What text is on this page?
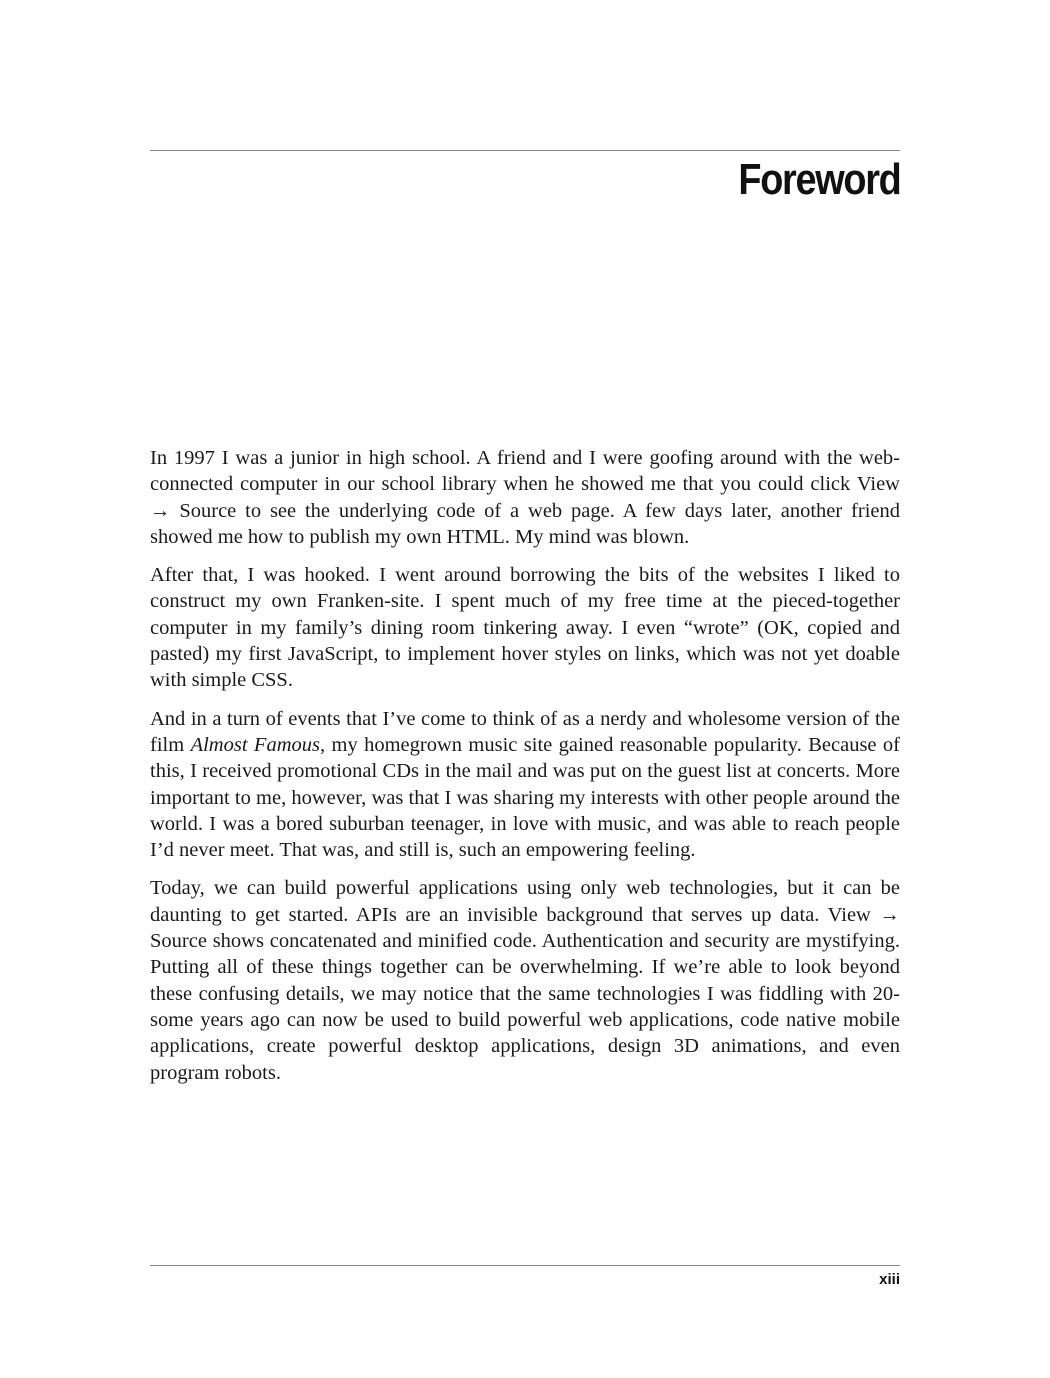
Foreword

In 1997 I was a junior in high school. A friend and I were goofing around with the web-connected computer in our school library when he showed me that you could click View → Source to see the underlying code of a web page. A few days later, another friend showed me how to publish my own HTML. My mind was blown.

After that, I was hooked. I went around borrowing the bits of the websites I liked to construct my own Franken-site. I spent much of my free time at the pieced-together computer in my family’s dining room tinkering away. I even “wrote” (OK, copied and pasted) my first JavaScript, to implement hover styles on links, which was not yet doable with simple CSS.

And in a turn of events that I’ve come to think of as a nerdy and wholesome version of the film Almost Famous, my homegrown music site gained reasonable popularity. Because of this, I received promotional CDs in the mail and was put on the guest list at concerts. More important to me, however, was that I was sharing my interests with other people around the world. I was a bored suburban teenager, in love with music, and was able to reach people I’d never meet. That was, and still is, such an empowering feeling.

Today, we can build powerful applications using only web technologies, but it can be daunting to get started. APIs are an invisible background that serves up data. View → Source shows concatenated and minified code. Authentication and security are mystifying. Putting all of these things together can be overwhelming. If we’re able to look beyond these confusing details, we may notice that the same technologies I was fiddling with 20-some years ago can now be used to build powerful web applications, code native mobile applications, create powerful desktop applications, design 3D animations, and even program robots.

xiii
